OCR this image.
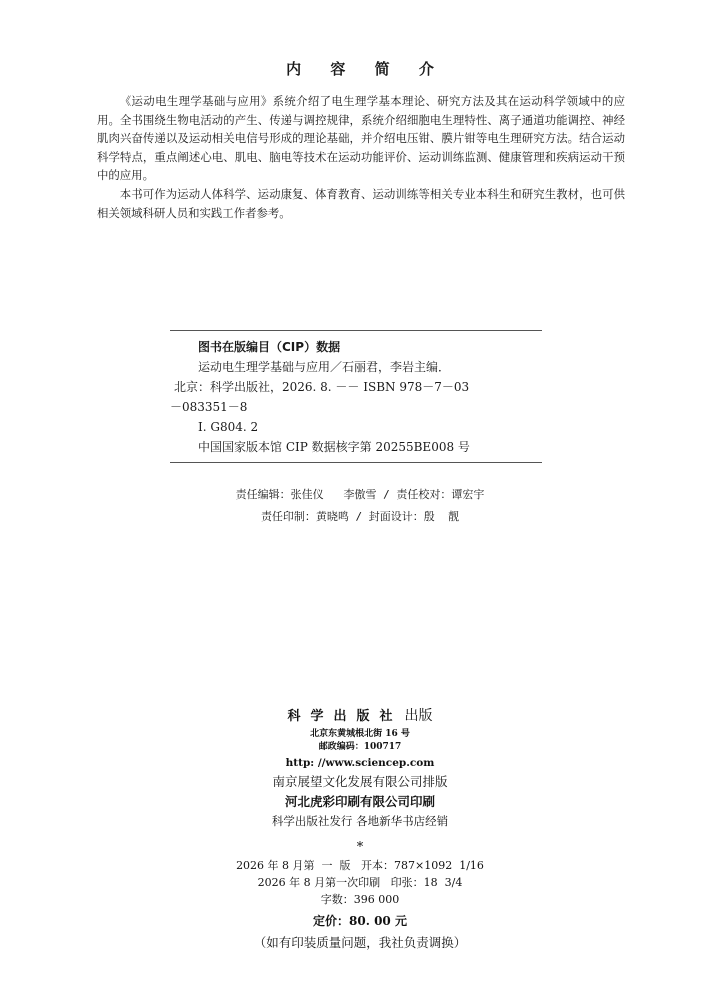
内 容 简 介

《运动电生理学基础与应用》系统介绍了电生理学基本理论、研究方法及其在运动科学领域中的应用。全书围绕生物电活动的产生、传递与调控规律，系统介绍细胞电生理特性、离子通道功能调控、神经肌肉兴奋传递以及运动相关电信号形成的理论基础，并介绍电压钳、膜片钳等电生理研究方法。结合运动科学特点，重点阐述心电、肌电、脑电等技术在运动功能评价、运动训练监测、健康管理和疾病运动干预中的应用。

本书可作为运动人体科学、运动康复、体育教育、运动训练等相关专业本科生和研究生教材，也可供相关领域科研人员和实践工作者参考。

图书在版编目（CIP）数据
运动电生理学基础与应用／石丽君，李岩主编．
北京：科学出版社，2026. 8. －－ ISBN 978－7－03
－083351－8
Ⅰ. G804. 2
中国国家版本馆 CIP 数据核字第 20255BE008 号
责任编辑：张佳仪   李傲雪 / 责任校对：谭宏宇
责任印制：黄晓鸣 / 封面设计：殷  靓
科学出版社 出版
北京东黄城根北街 16 号
邮政编码：100717
http: //www.sciencep.com
南京展望文化发展有限公司排版
河北虎彩印刷有限公司印刷
科学出版社发行 各地新华书店经销
*
2026 年 8 月第  一  版   开本：787×1092  1/16
2026 年 8 月第一次印刷   印张：18  3/4
字数：396 000
定价：80. 00 元
（如有印装质量问题，我社负责调换）
